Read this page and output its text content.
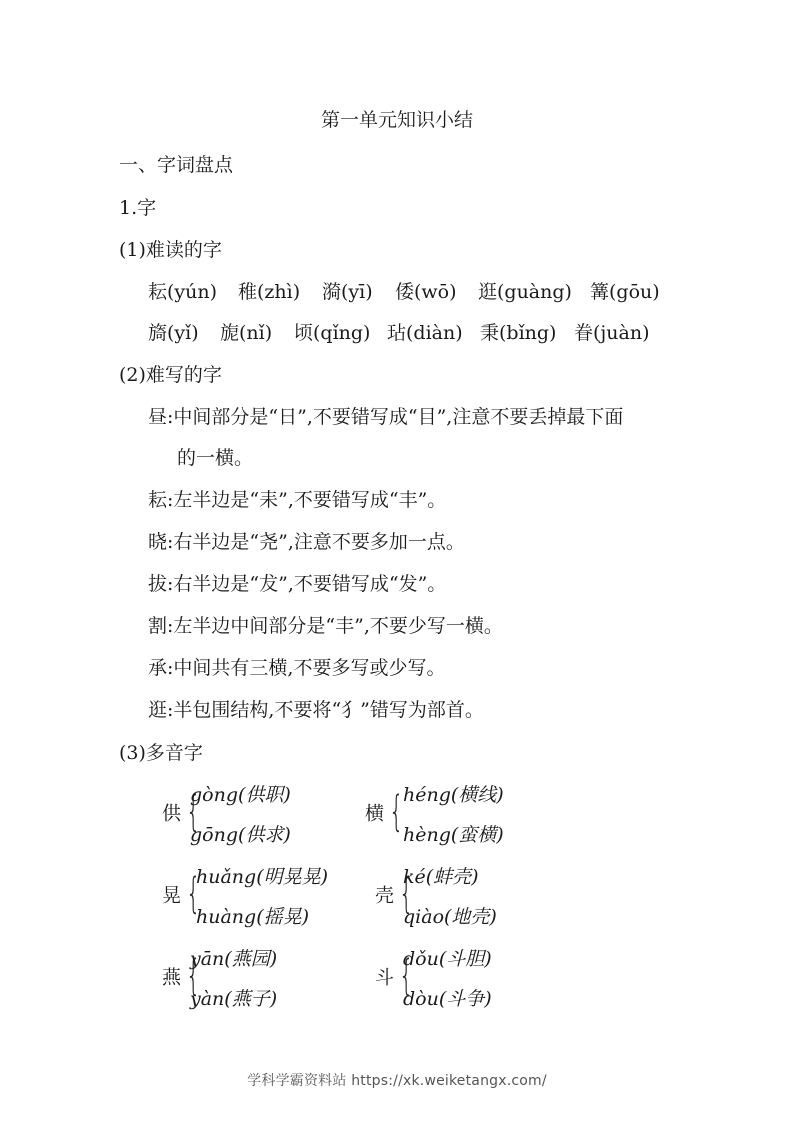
第一单元知识小结
一、字词盘点
1.字
(1)难读的字
耘(yún)	稚(zhì)	漪(yī)	倭(wō)	逛(guàng) 篝(gōu)
旖(yǐ)	旎(nǐ)	顷(qǐng) 玷(diàn) 秉(bǐng) 眷(juàn)
(2)难写的字
昼:中间部分是“日”,不要错写成“目”,注意不要丢掉最下面
的一横。
耘:左半边是“耒”,不要错写成“丰”。
晓:右半边是“尧”,注意不要多加一点。
拔:右半边是“犮”,不要错写成“发”。
割:左半边中间部分是“丰”,不要少写一横。
承:中间共有三横,不要多写或少写。
逛:半包围结构,不要将“犭”错写为部首。
(3)多音字
供 {
gòng(供职)
gōng(供求)
横 { héng(横线)
hèng(蛮横)
晃 {
huǎng(明晃晃)
huàng(摇晃)
壳 {
ké(蚌壳)
qiào(地壳)
燕 {
yān(燕园)
yàn(燕子)
斗 {
dǒu(斗胆)
dòu(斗争)
学科学霸资料站 https://xk.weiketangx.com/
